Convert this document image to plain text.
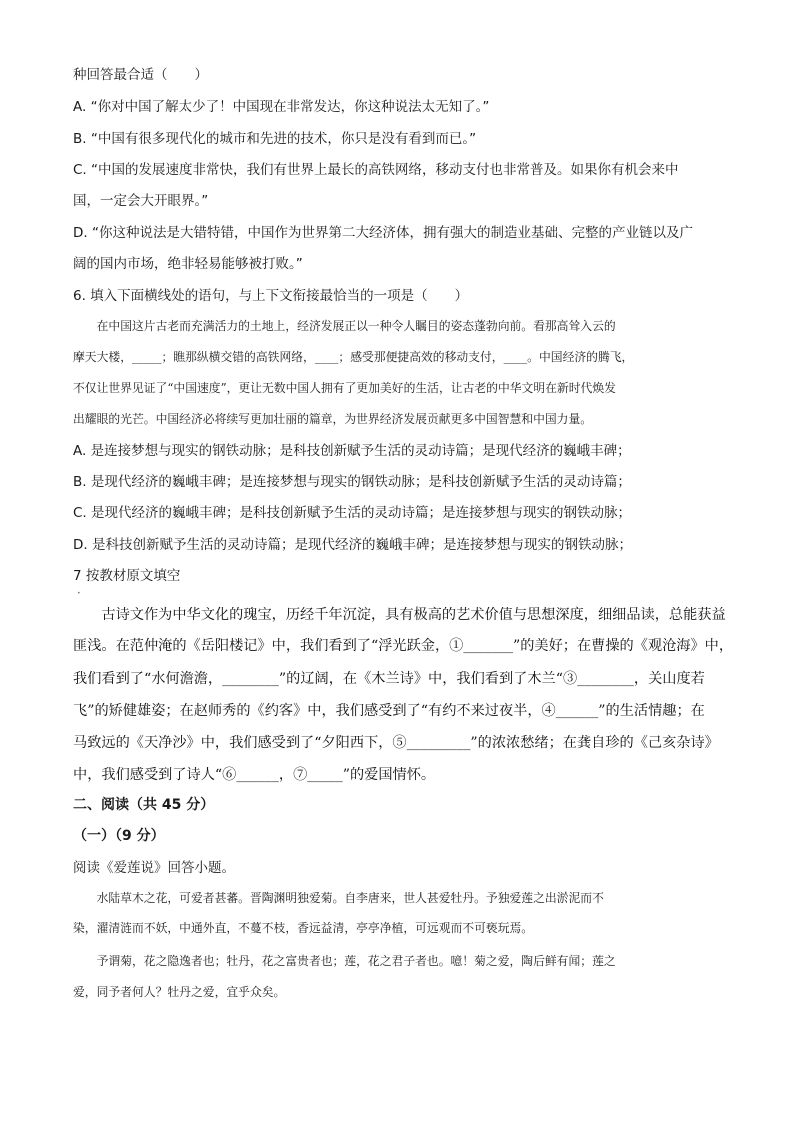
种回答最合适（　　）
A. “你对中国了解太少了！中国现在非常发达，你这种说法太无知了。”
B. “中国有很多现代化的城市和先进的技术，你只是没有看到而已。”
C. “中国的发展速度非常快，我们有世界上最长的高铁网络，移动支付也非常普及。如果你有机会来中
国，一定会大开眼界。”
D. “你这种说法是大错特错，中国作为世界第二大经济体，拥有强大的制造业基础、完整的产业链以及广
阔的国内市场，绝非轻易能够被打败。”
6. 填入下面横线处的语句，与上下文衔接最恰当的一项是（　　）
　　在中国这片古老而充满活力的土地上，经济发展正以一种令人瞩目的姿态蓬勃向前。看那高耸入云的
摩天大楼，_____；瞧那纵横交错的高铁网络，____；感受那便捷高效的移动支付，____。中国经济的腾飞，
不仅让世界见证了“中国速度”，更让无数中国人拥有了更加美好的生活，让古老的中华文明在新时代焕发
出耀眼的光芒。中国经济必将续写更加壮丽的篇章，为世界经济发展贡献更多中国智慧和中国力量。
A. 是连接梦想与现实的钢铁动脉；是科技创新赋予生活的灵动诗篇；是现代经济的巍峨丰碑；
B. 是现代经济的巍峨丰碑；是连接梦想与现实的钢铁动脉；是科技创新赋予生活的灵动诗篇；
C. 是现代经济的巍峨丰碑；是科技创新赋予生活的灵动诗篇；是连接梦想与现实的钢铁动脉；
D. 是科技创新赋予生活的灵动诗篇；是现代经济的巍峨丰碑；是连接梦想与现实的钢铁动脉；
7 按教材原文填空
•
　　古诗文作为中华文化的瑰宝，历经千年沉淀，具有极高的艺术价值与思想深度，细细品读，总能获益
匪浅。在范仲淹的《岳阳楼记》中，我们看到了“浮光跃金，①_______”的美好；在曹操的《观沧海》中，
我们看到了“水何澹澹，________”的辽阔，在《木兰诗》中，我们看到了木兰“③________，关山度若
飞”的矫健雄姿；在赵师秀的《约客》中，我们感受到了“有约不来过夜半，④______”的生活情趣；在
马致远的《天净沙》中，我们感受到了“夕阳西下，⑤_________”的浓浓愁绪；在龚自珍的《己亥杂诗》
中，我们感受到了诗人“⑥______，⑦_____”的爱国情怀。
二、阅读（共 45 分）
（一）（9 分）
阅读《爱莲说》回答小题。
　　水陆草木之花，可爱者甚蕃。晋陶渊明独爱菊。自李唐来，世人甚爱牡丹。予独爱莲之出淤泥而不
染，濯清涟而不妖，中通外直，不蔓不枝，香远益清，亭亭净植，可远观而不可亵玩焉。
　　予谓菊，花之隐逸者也；牡丹，花之富贵者也；莲，花之君子者也。噫！菊之爱，陶后鲜有闻；莲之
爱，同予者何人？牡丹之爱，宜乎众矣。
